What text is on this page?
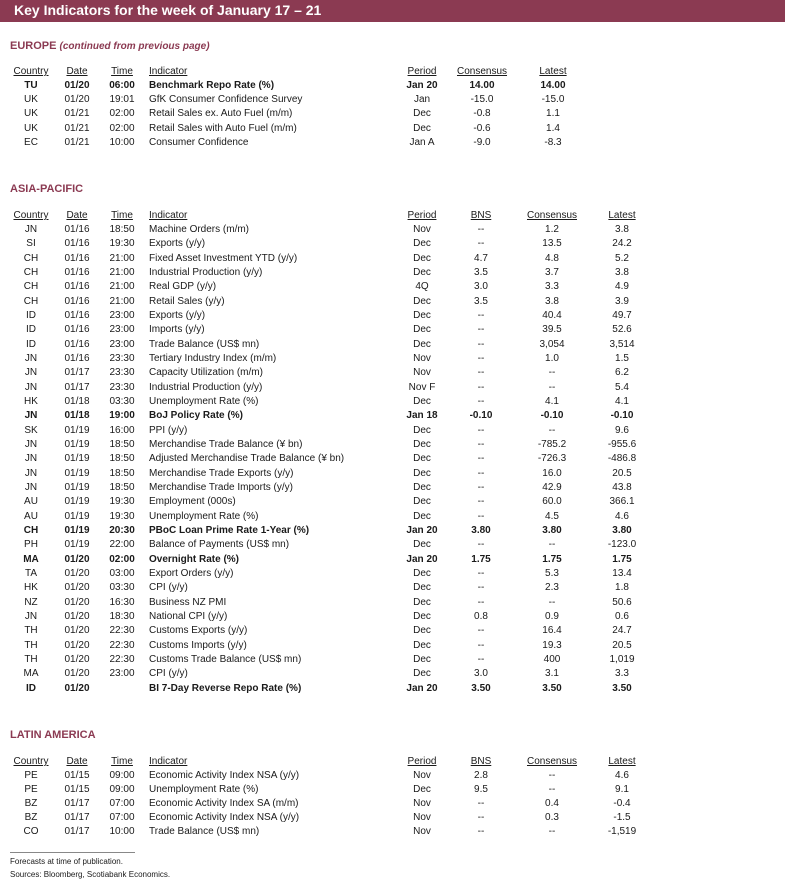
Key Indicators for the week of January 17 – 21
EUROPE (continued from previous page)
Country Date Time Indicator	Period Consensus	Latest
TU	01/20 06:00 Benchmark Repo Rate (%)	Jan 20	14.00	14.00
UK	01/20 19:01 GfK Consumer Confidence Survey	Jan	-15.0	-15.0
UK	01/21 02:00 Retail Sales ex. Auto Fuel (m/m)	Dec	-0.8	1.1
UK	01/21 02:00 Retail Sales with Auto Fuel (m/m)	Dec	-0.6	1.4
EC	01/21 10:00 Consumer Confidence	Jan A	-9.0	-8.3
ASIA-PACIFIC
Country Date Time Indicator	Period	BNS	Consensus	Latest
JN	01/16 18:50 Machine Orders (m/m)	Nov	--	1.2	3.8
SI	01/16 19:30 Exports (y/y)	Dec	--	13.5	24.2
CH	01/16 21:00 Fixed Asset Investment YTD (y/y)	Dec	4.7	4.8	5.2
CH	01/16 21:00 Industrial Production (y/y)	Dec	3.5	3.7	3.8
CH	01/16 21:00 Real GDP (y/y)	4Q	3.0	3.3	4.9
CH	01/16 21:00 Retail Sales (y/y)	Dec	3.5	3.8	3.9
ID	01/16 23:00 Exports (y/y)	Dec	--	40.4	49.7
ID	01/16 23:00 Imports (y/y)	Dec	--	39.5	52.6
ID	01/16 23:00 Trade Balance (US$ mn)	Dec	--	3,054	3,514
JN	01/16 23:30 Tertiary Industry Index (m/m)	Nov	--	1.0	1.5
JN	01/17 23:30 Capacity Utilization (m/m)	Nov	--	--	6.2
JN	01/17 23:30 Industrial Production (y/y)	Nov F	--	--	5.4
HK	01/18 03:30 Unemployment Rate (%)	Dec	--	4.1	4.1
JN	01/18 19:00 BoJ Policy Rate (%)	Jan 18	-0.10	-0.10	-0.10
SK	01/19 16:00 PPI (y/y)	Dec	--	--	9.6
JN	01/19 18:50 Merchandise Trade Balance (¥ bn)	Dec	--	-785.2	-955.6
JN	01/19 18:50 Adjusted Merchandise Trade Balance (¥ bn)	Dec	--	-726.3	-486.8
JN	01/19 18:50 Merchandise Trade Exports (y/y)	Dec	--	16.0	20.5
JN	01/19 18:50 Merchandise Trade Imports (y/y)	Dec	--	42.9	43.8
AU	01/19 19:30 Employment (000s)	Dec	--	60.0	366.1
AU	01/19 19:30 Unemployment Rate (%)	Dec	--	4.5	4.6
CH	01/19 20:30 PBoC Loan Prime Rate 1-Year (%)	Jan 20	3.80	3.80	3.80
PH	01/19 22:00 Balance of Payments (US$ mn)	Dec	--	--	-123.0
MA	01/20 02:00 Overnight Rate (%)	Jan 20	1.75	1.75	1.75
TA	01/20 03:00 Export Orders (y/y)	Dec	--	5.3	13.4
HK	01/20 03:30 CPI (y/y)	Dec	--	2.3	1.8
NZ	01/20 16:30 Business NZ PMI	Dec	--	--	50.6
JN	01/20 18:30 National CPI (y/y)	Dec	0.8	0.9	0.6
TH	01/20 22:30 Customs Exports (y/y)	Dec	--	16.4	24.7
TH	01/20 22:30 Customs Imports (y/y)	Dec	--	19.3	20.5
TH	01/20 22:30 Customs Trade Balance (US$ mn)	Dec	--	400	1,019
MA	01/20 23:00 CPI (y/y)	Dec	3.0	3.1	3.3
ID	01/20	BI 7-Day Reverse Repo Rate (%)	Jan 20	3.50	3.50	3.50
LATIN AMERICA
Country Date Time Indicator	Period	BNS	Consensus	Latest
PE	01/15 09:00 Economic Activity Index NSA (y/y)	Nov	2.8	--	4.6
PE	01/15 09:00 Unemployment Rate (%)	Dec	9.5	--	9.1
BZ	01/17 07:00 Economic Activity Index SA (m/m)	Nov	--	0.4	-0.4
BZ	01/17 07:00 Economic Activity Index NSA (y/y)	Nov	--	0.3	-1.5
CO	01/17 10:00 Trade Balance (US$ mn)	Nov	--	--	-1,519
Forecasts at time of publication.
Sources: Bloomberg, Scotiabank Economics.
